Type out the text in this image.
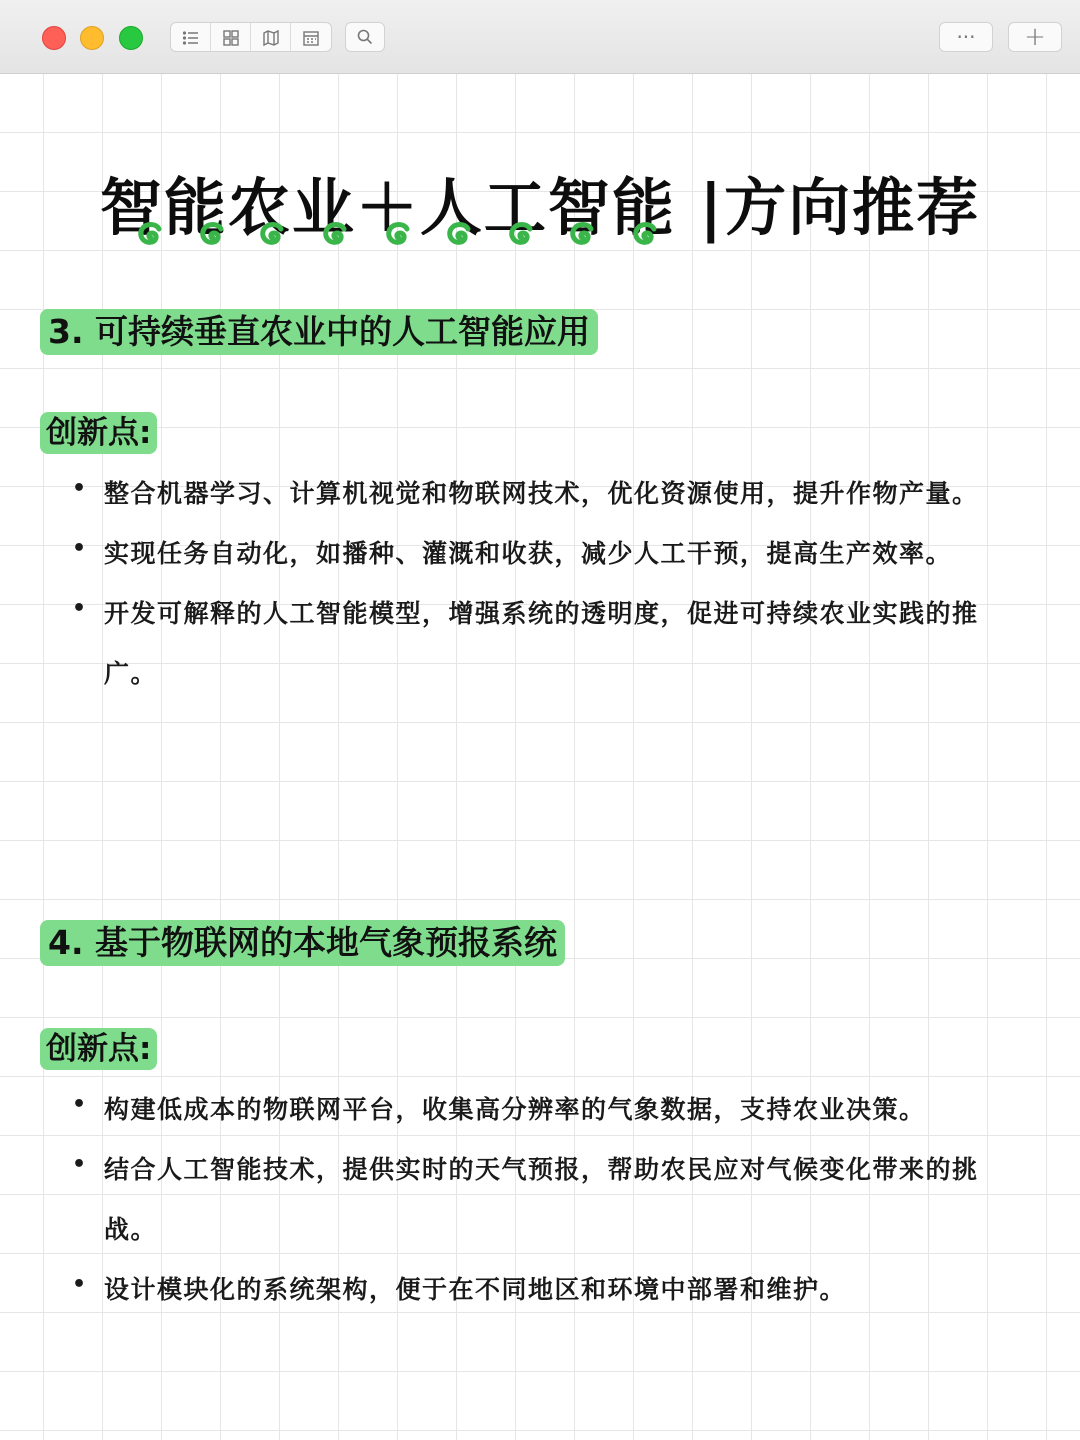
···	+
智能农业＋人工智能 |方向推荐
3. 可持续垂直农业中的人工智能应用
创新点:
• 整合机器学习、计算机视觉和物联网技术，优化资源使用，提升作物产量。
• 实现任务自动化，如播种、灌溉和收获，减少人工干预，提高生产效率。
• 开发可解释的人工智能模型，增强系统的透明度，促进可持续农业实践的推广。
4. 基于物联网的本地气象预报系统
创新点:
• 构建低成本的物联网平台，收集高分辨率的气象数据，支持农业决策。
• 结合人工智能技术，提供实时的天气预报，帮助农民应对气候变化带来的挑战。
• 设计模块化的系统架构，便于在不同地区和环境中部署和维护。
